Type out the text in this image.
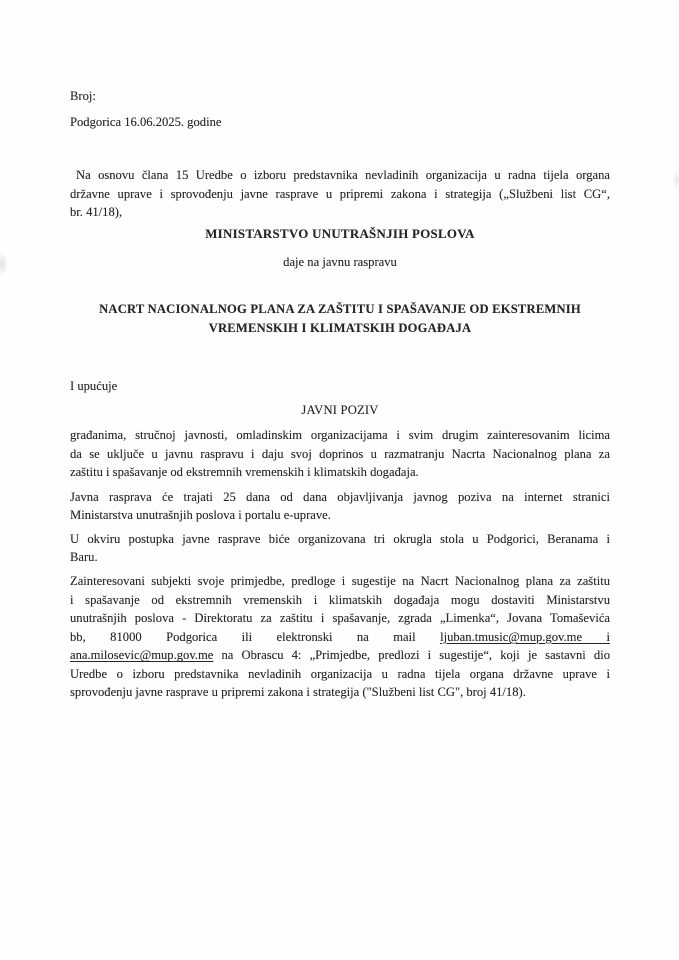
Broj:
Podgorica 16.06.2025. godine
Na osnovu člana 15 Uredbe o izboru predstavnika nevladinih organizacija u radna tijela organa
državne uprave i sprovođenju javne rasprave u pripremi zakona i strategija („Službeni list CG“,
br. 41/18),
MINISTARSTVO UNUTRAŠNJIH POSLOVA
daje na javnu raspravu
NACRT NACIONALNOG PLANA ZA ZAŠTITU I SPAŠAVANJE OD EKSTREMNIH
VREMENSKIH I KLIMATSKIH DOGAĐAJA
I upućuje
JAVNI POZIV
građanima, stručnoj javnosti, omladinskim organizacijama i svim drugim zainteresovanim licima
da se uključe u javnu raspravu i daju svoj doprinos u razmatranju Nacrta Nacionalnog plana za
zaštitu i spašavanje od ekstremnih vremenskih i klimatskih događaja.
Javna rasprava će trajati 25 dana od dana objavljivanja javnog poziva na internet stranici
Ministarstva unutrašnjih poslova i portalu e-uprave.
U okviru postupka javne rasprave biće organizovana tri okrugla stola u Podgorici, Beranama i
Baru.
Zainteresovani subjekti svoje primjedbe, predloge i sugestije na Nacrt Nacionalnog plana za zaštitu
i spašavanje od ekstremnih vremenskih i klimatskih događaja mogu dostaviti Ministarstvu
unutrašnjih poslova - Direktoratu za zaštitu i spašavanje, zgrada „Limenka“, Jovana Tomaševića
bb, 81000 Podgorica ili elektronski na mail ljuban.tmusic@mup.gov.me i
ana.milosevic@mup.gov.me na Obrascu 4: „Primjedbe, predlozi i sugestije“, koji je sastavni dio
Uredbe o izboru predstavnika nevladinih organizacija u radna tijela organa državne uprave i
sprovođenju javne rasprave u pripremi zakona i strategija ("Službeni list CG", broj 41/18).
